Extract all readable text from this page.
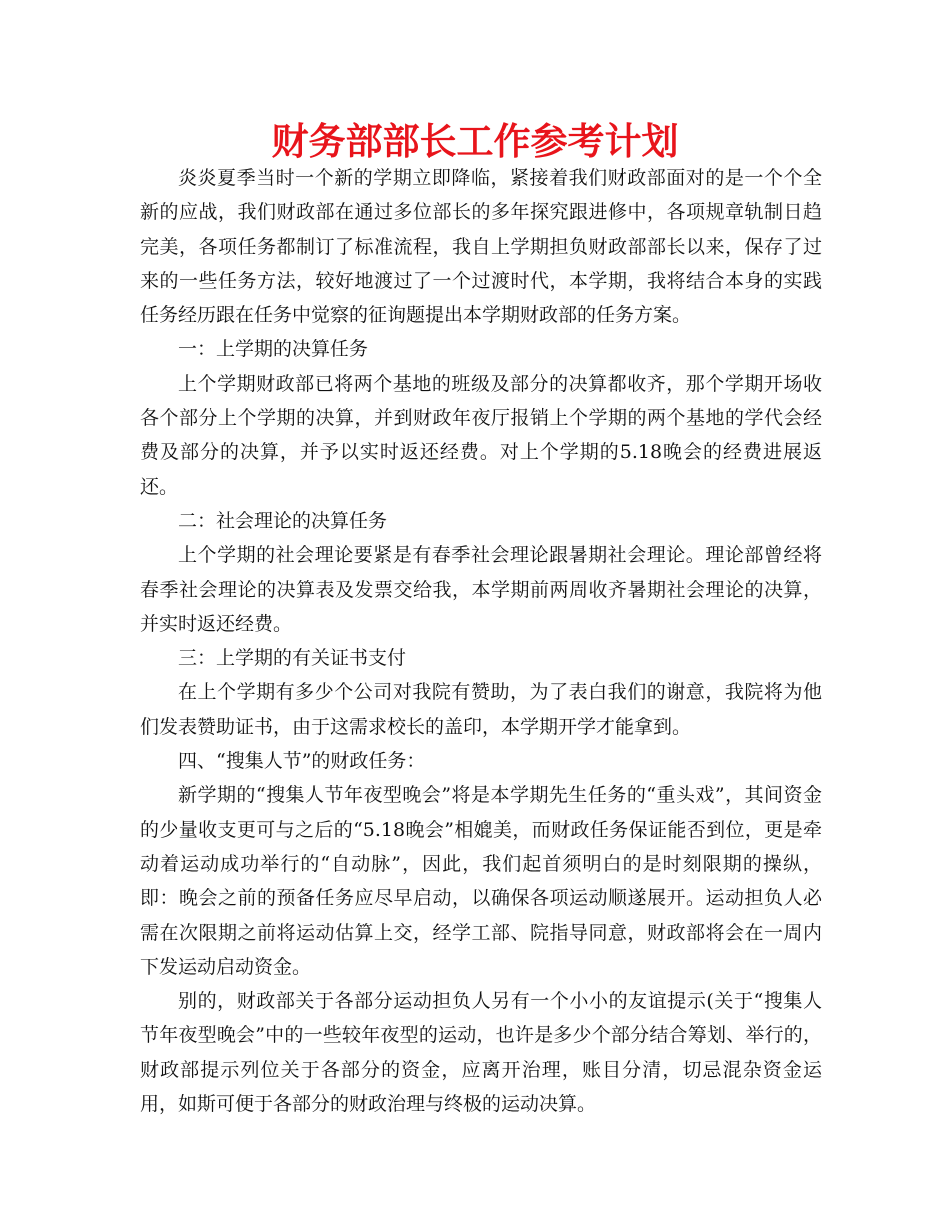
财务部部长工作参考计划

炎炎夏季当时一个新的学期立即降临，紧接着我们财政部面对的是一个个全新的应战，我们财政部在通过多位部长的多年探究跟进修中，各项规章轨制日趋完美，各项任务都制订了标准流程，我自上学期担负财政部部长以来，保存了过来的一些任务方法，较好地渡过了一个过渡时代，本学期，我将结合本身的实践任务经历跟在任务中觉察的征询题提出本学期财政部的任务方案。

一：上学期的决算任务

上个学期财政部已将两个基地的班级及部分的决算都收齐，那个学期开场收各个部分上个学期的决算，并到财政年夜厅报销上个学期的两个基地的学代会经费及部分的决算，并予以实时返还经费。对上个学期的5.18晚会的经费进展返还。

二：社会理论的决算任务

上个学期的社会理论要紧是有春季社会理论跟暑期社会理论。理论部曾经将春季社会理论的决算表及发票交给我，本学期前两周收齐暑期社会理论的决算，并实时返还经费。

三：上学期的有关证书支付

在上个学期有多少个公司对我院有赞助，为了表白我们的谢意，我院将为他们发表赞助证书，由于这需求校长的盖印，本学期开学才能拿到。

四、“搜集人节”的财政任务：

新学期的“搜集人节年夜型晚会”将是本学期先生任务的“重头戏”，其间资金的少量收支更可与之后的“5.18晚会”相媲美，而财政任务保证能否到位，更是牵动着运动成功举行的“自动脉”，因此，我们起首须明白的是时刻限期的操纵，即：晚会之前的预备任务应尽早启动，以确保各项运动顺遂展开。运动担负人必需在次限期之前将运动估算上交，经学工部、院指导同意，财政部将会在一周内下发运动启动资金。

别的，财政部关于各部分运动担负人另有一个小小的友谊提示(关于“搜集人节年夜型晚会”中的一些较年夜型的运动，也许是多少个部分结合筹划、举行的，财政部提示列位关于各部分的资金，应离开治理，账目分清，切忌混杂资金运用，如斯可便于各部分的财政治理与终极的运动决算。
